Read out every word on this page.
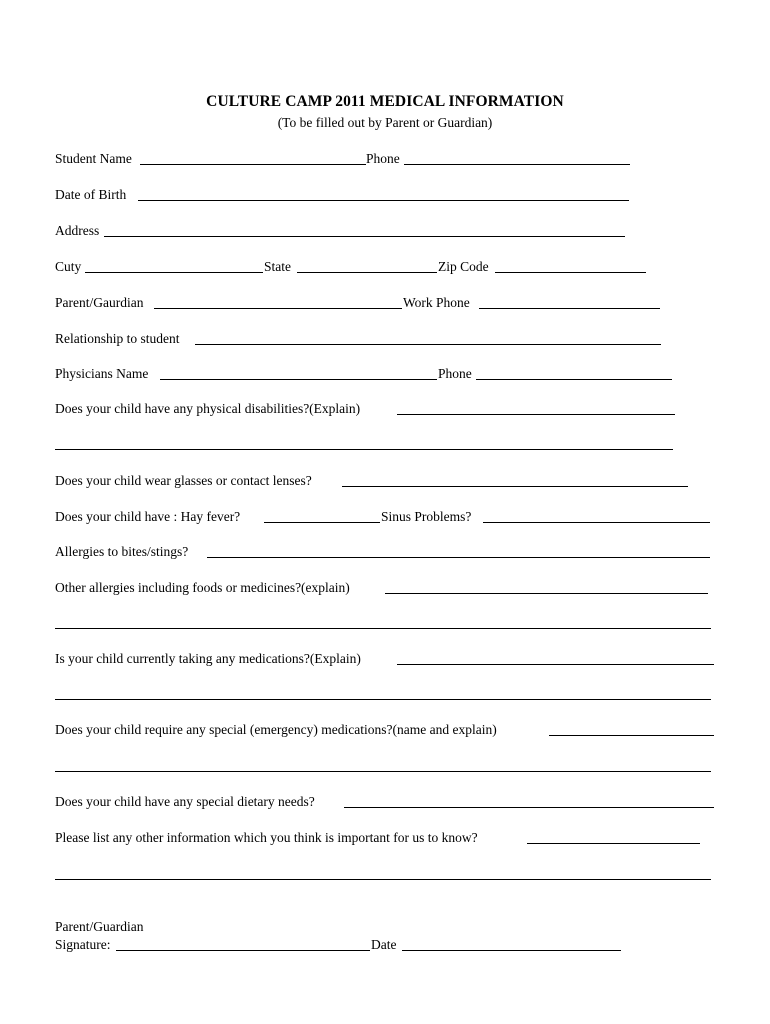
CULTURE CAMP 2011 MEDICAL INFORMATION
(To be filled out by Parent or Guardian)
Student Name	Phone
Date of Birth
Address
Cuty	State	Zip Code
Parent/Gaurdian	Work Phone
Relationship to student
Physicians Name	Phone
Does your child have any physical disabilities?(Explain)
Does your child wear glasses or contact lenses?
Does your child have : Hay fever?	Sinus Problems?
Allergies to bites/stings?
Other allergies including foods or medicines?(explain)
Is your child currently taking any medications?(Explain)
Does your child require any special (emergency) medications?(name and explain)
Does your child have any special dietary needs?
Please list any other information which you think is important for us to know?
Parent/Guardian
Signature:	Date
